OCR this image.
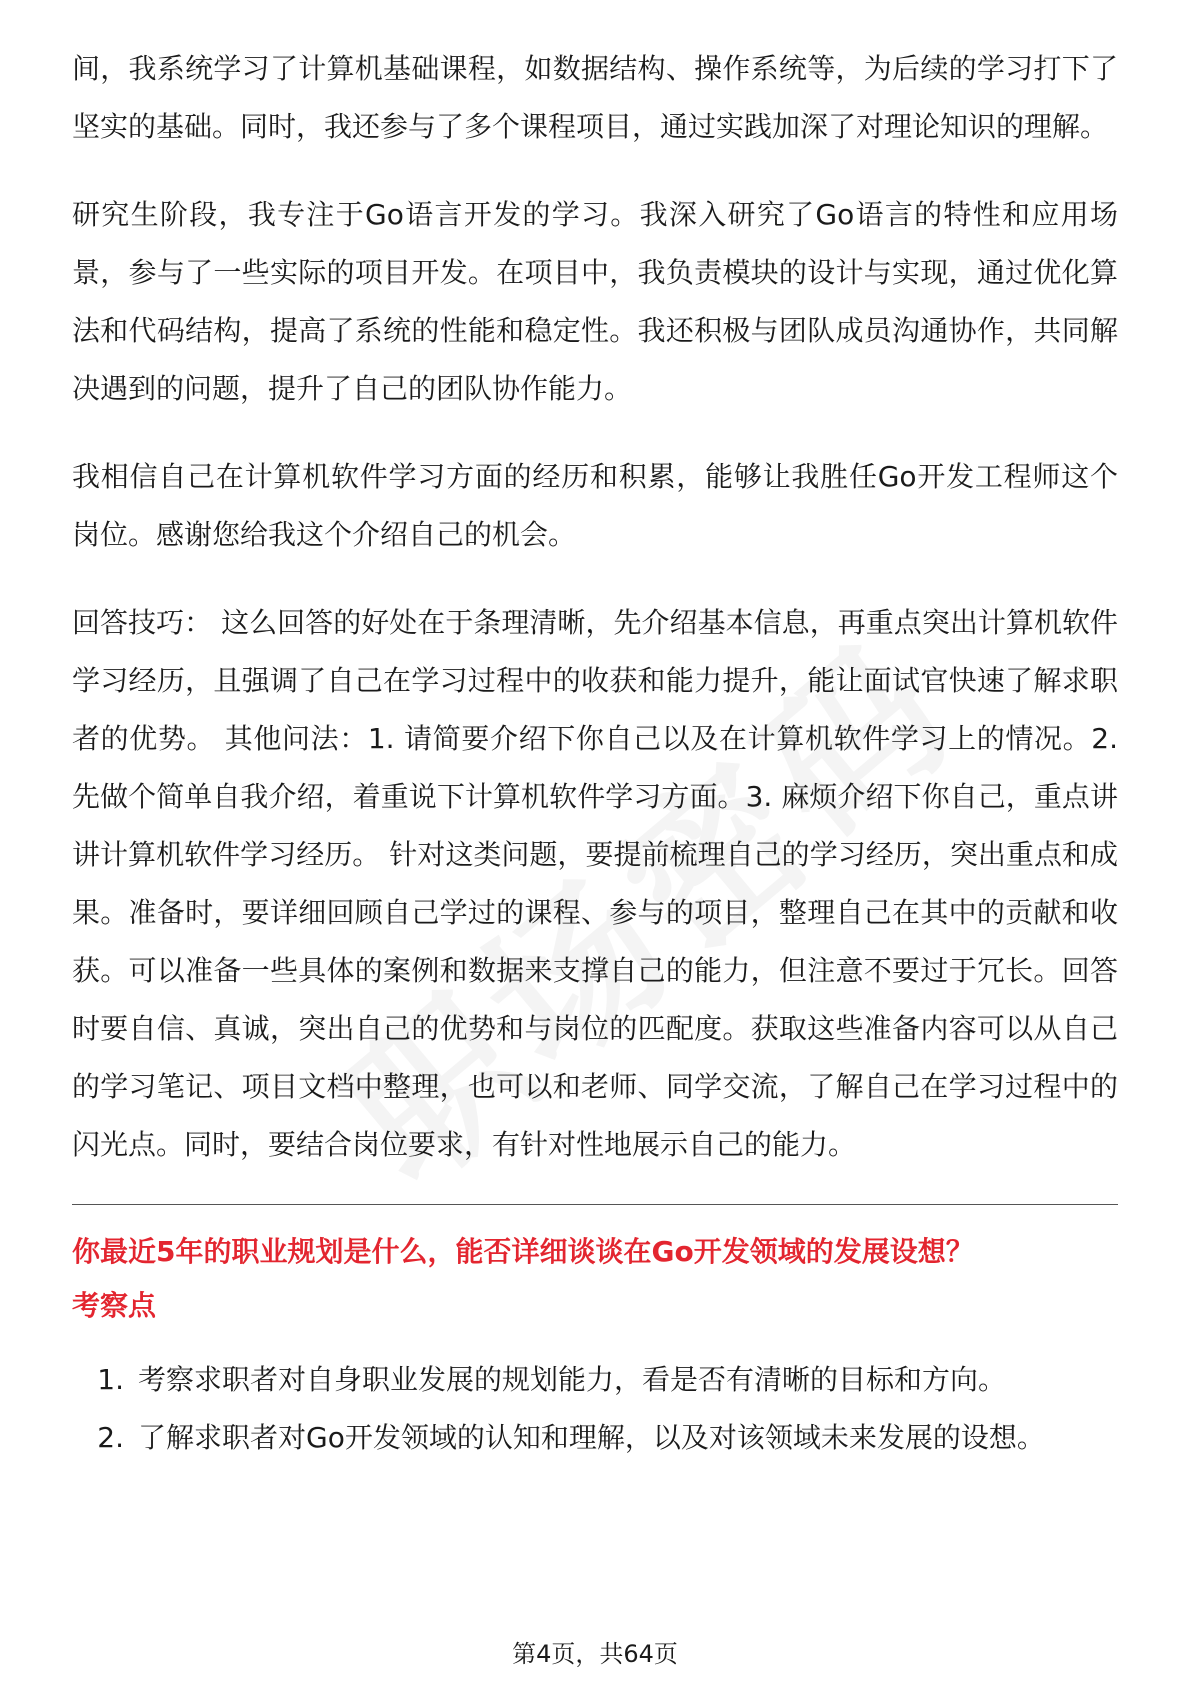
间，我系统学习了计算机基础课程，如数据结构、操作系统等，为后续的学习打下了坚实的基础。同时，我还参与了多个课程项目，通过实践加深了对理论知识的理解。

研究生阶段，我专注于Go语言开发的学习。我深入研究了Go语言的特性和应用场景，参与了一些实际的项目开发。在项目中，我负责模块的设计与实现，通过优化算法和代码结构，提高了系统的性能和稳定性。我还积极与团队成员沟通协作，共同解决遇到的问题，提升了自己的团队协作能力。

我相信自己在计算机软件学习方面的经历和积累，能够让我胜任Go开发工程师这个岗位。感谢您给我这个介绍自己的机会。

回答技巧： 这么回答的好处在于条理清晰，先介绍基本信息，再重点突出计算机软件学习经历，且强调了自己在学习过程中的收获和能力提升，能让面试官快速了解求职者的优势。 其他问法：1. 请简要介绍下你自己以及在计算机软件学习上的情况。2. 先做个简单自我介绍，着重说下计算机软件学习方面。3. 麻烦介绍下你自己，重点讲讲计算机软件学习经历。 针对这类问题，要提前梳理自己的学习经历，突出重点和成果。准备时，要详细回顾自己学过的课程、参与的项目，整理自己在其中的贡献和收获。可以准备一些具体的案例和数据来支撑自己的能力，但注意不要过于冗长。回答时要自信、真诚，突出自己的优势和与岗位的匹配度。获取这些准备内容可以从自己的学习笔记、项目文档中整理，也可以和老师、同学交流，了解自己在学习过程中的闪光点。同时，要结合岗位要求，有针对性地展示自己的能力。

你最近5年的职业规划是什么，能否详细谈谈在Go开发领域的发展设想？
考察点
1. 考察求职者对自身职业发展的规划能力，看是否有清晰的目标和方向。
2. 了解求职者对Go开发领域的认知和理解，以及对该领域未来发展的设想。
第4页，共64页
